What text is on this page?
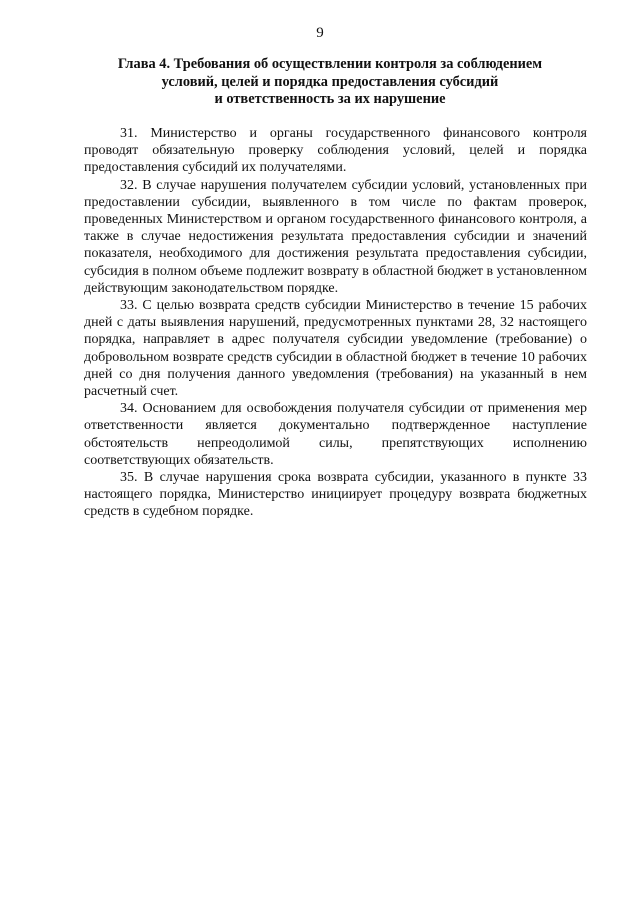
9
Глава 4. Требования об осуществлении контроля за соблюдением
условий, целей и порядка предоставления субсидий
и ответственность за их нарушение

31. Министерство и органы государственного финансового контроля проводят обязательную проверку соблюдения условий, целей и порядка предоставления субсидий их получателями.

32. В случае нарушения получателем субсидии условий, установленных при предоставлении субсидии, выявленного в том числе по фактам проверок, проведенных Министерством и органом государственного финансового контроля, а также в случае недостижения результата предоставления субсидии и значений показателя, необходимого для достижения результата предоставления субсидии, субсидия в полном объеме подлежит возврату в областной бюджет в установленном действующим законодательством порядке.

33. С целью возврата средств субсидии Министерство в течение 15 рабочих дней с даты выявления нарушений, предусмотренных пунктами 28, 32 настоящего порядка, направляет в адрес получателя субсидии уведомление (требование) о добровольном возврате средств субсидии в областной бюджет в течение 10 рабочих дней со дня получения данного уведомления (требования) на указанный в нем расчетный счет.

34. Основанием для освобождения получателя субсидии от применения мер ответственности является документально подтвержденное наступление обстоятельств непреодолимой силы, препятствующих исполнению соответствующих обязательств.

35. В случае нарушения срока возврата субсидии, указанного в пункте 33 настоящего порядка, Министерство инициирует процедуру возврата бюджетных средств в судебном порядке.
